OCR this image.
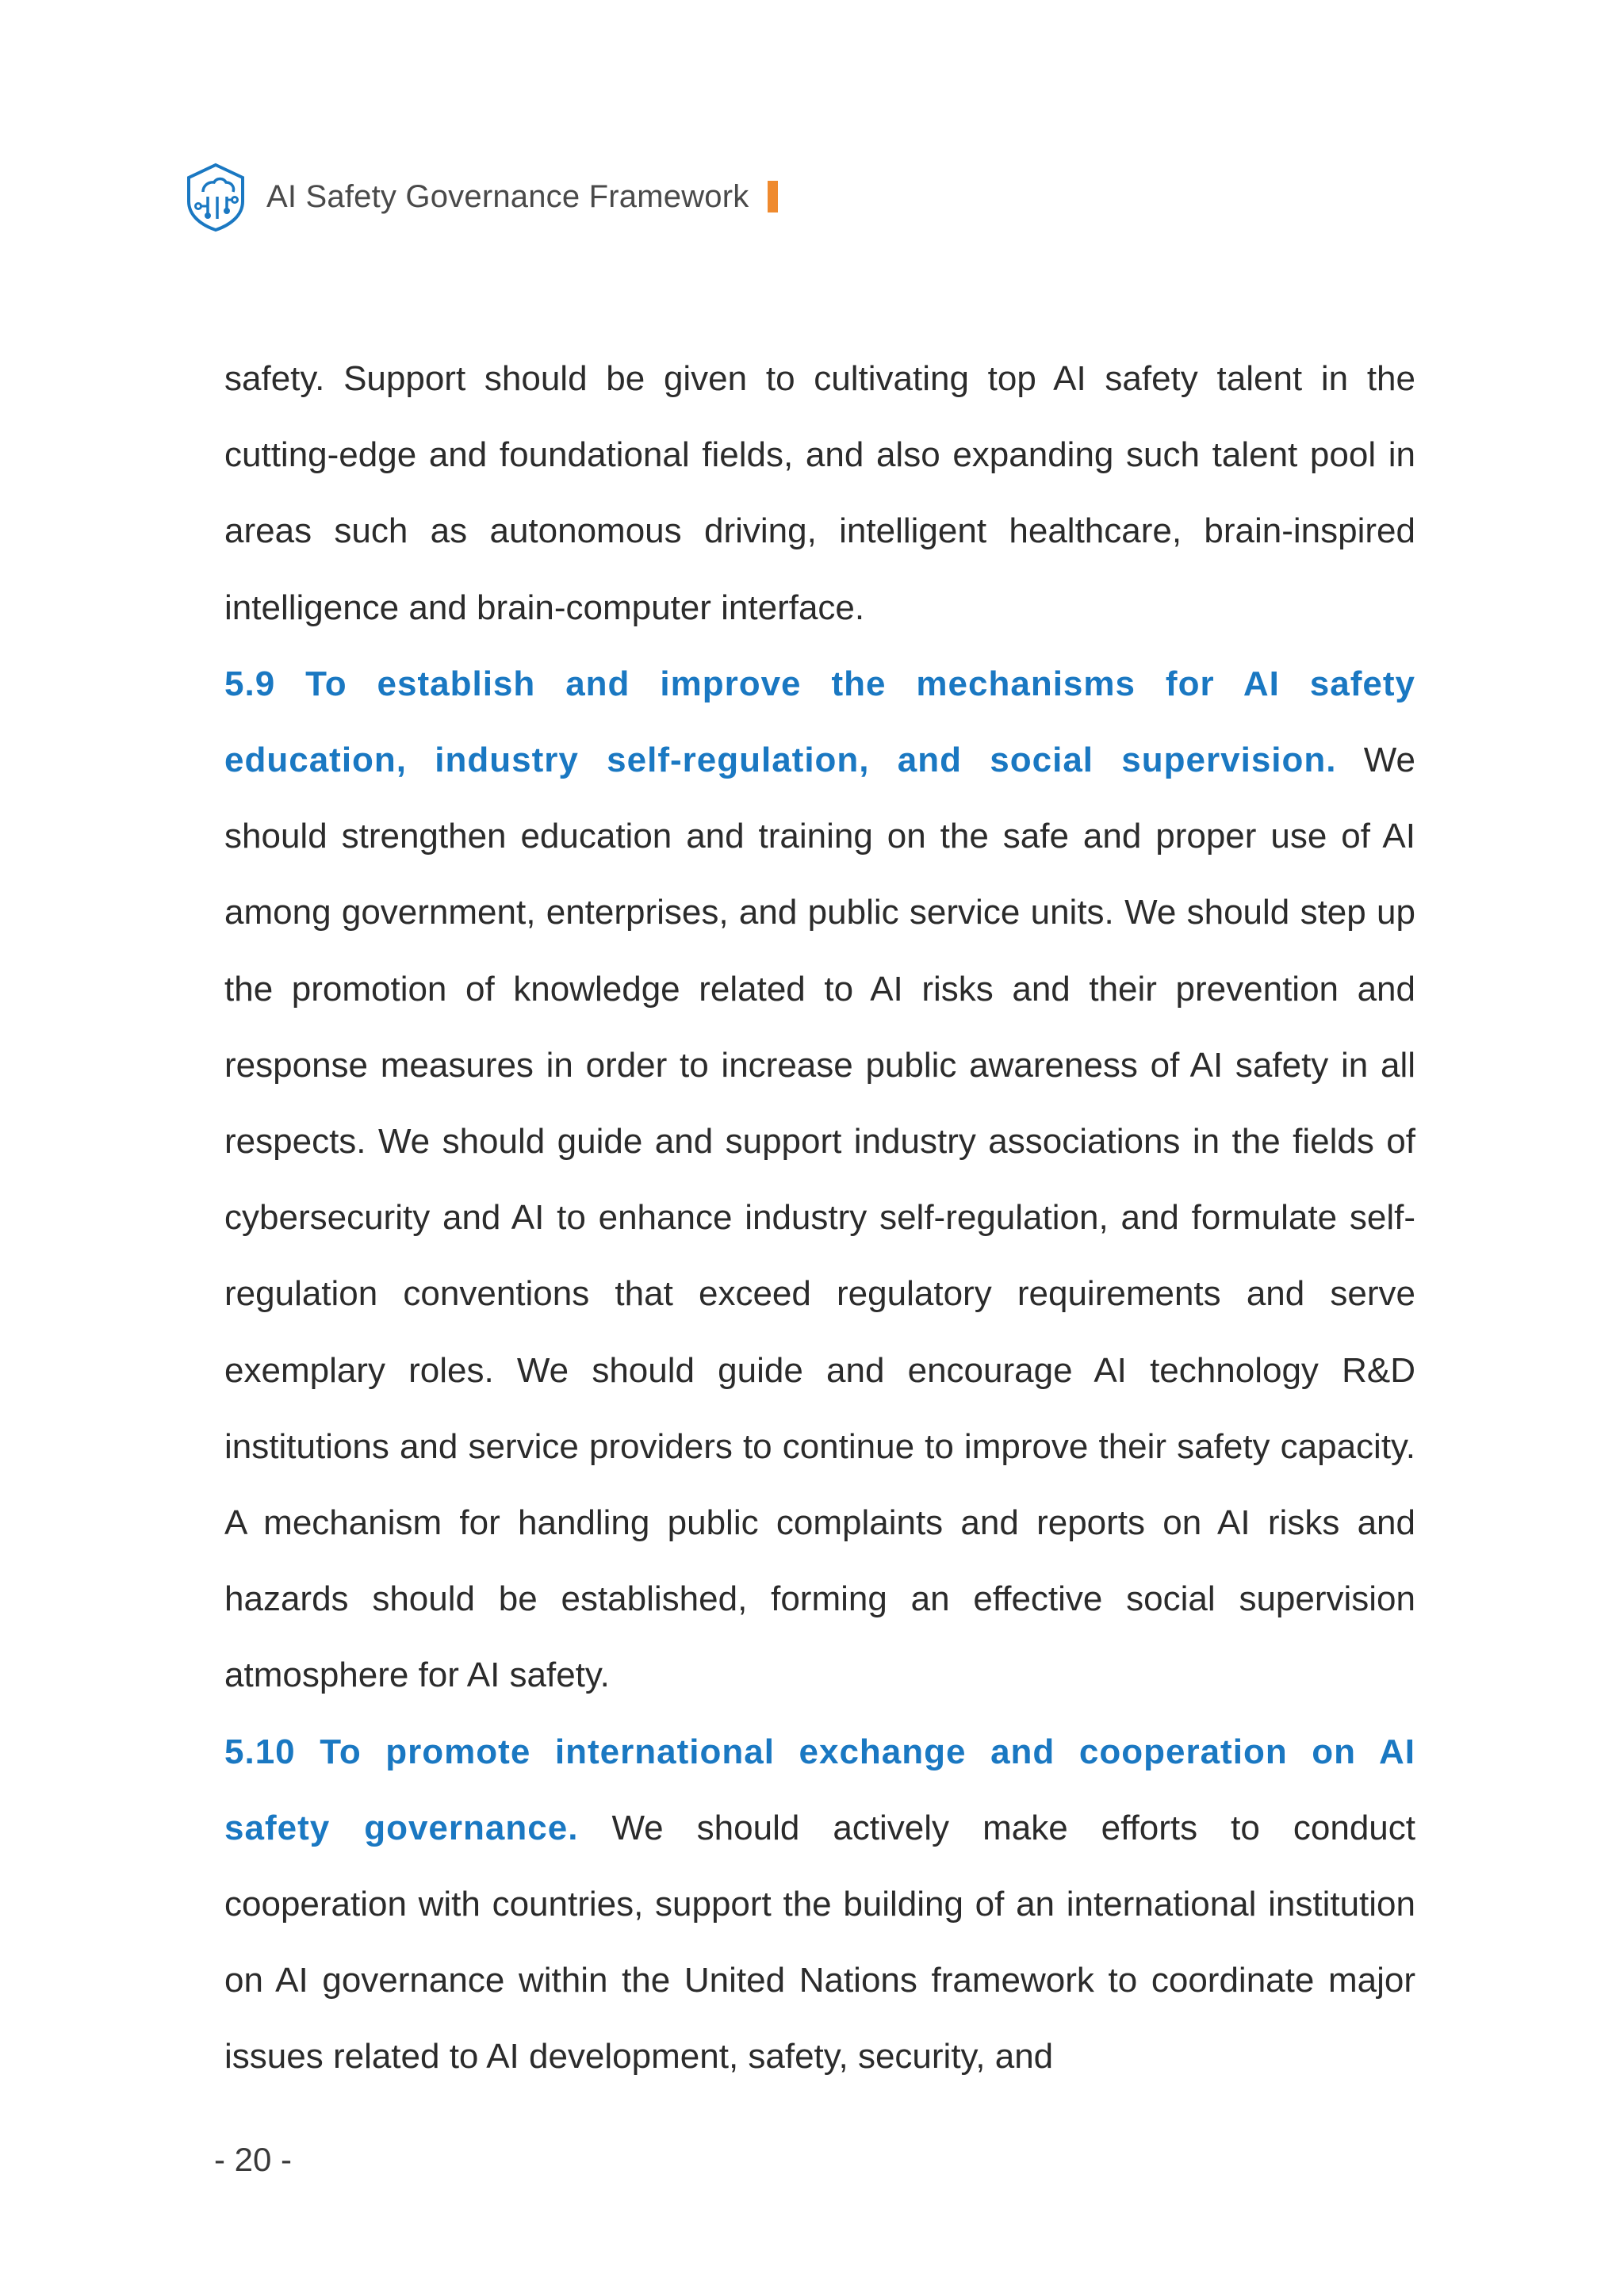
AI Safety Governance Framework

safety. Support should be given to cultivating top AI safety talent in the cutting-edge and foundational fields, and also expanding such talent pool in areas such as autonomous driving, intelligent healthcare, brain-inspired intelligence and brain-computer interface.

5.9 To establish and improve the mechanisms for AI safety education, industry self-regulation, and social supervision. We should strengthen education and training on the safe and proper use of AI among government, enterprises, and public service units. We should step up the promotion of knowledge related to AI risks and their prevention and response measures in order to increase public awareness of AI safety in all respects. We should guide and support industry associations in the fields of cybersecurity and AI to enhance industry self-regulation, and formulate self-regulation conventions that exceed regulatory requirements and serve exemplary roles. We should guide and encourage AI technology R&D institutions and service providers to continue to improve their safety capacity. A mechanism for handling public complaints and reports on AI risks and hazards should be established, forming an effective social supervision atmosphere for AI safety.

5.10 To promote international exchange and cooperation on AI safety governance. We should actively make efforts to conduct cooperation with countries, support the building of an international institution on AI governance within the United Nations framework to coordinate major issues related to AI development, safety, security, and

- 20 -
